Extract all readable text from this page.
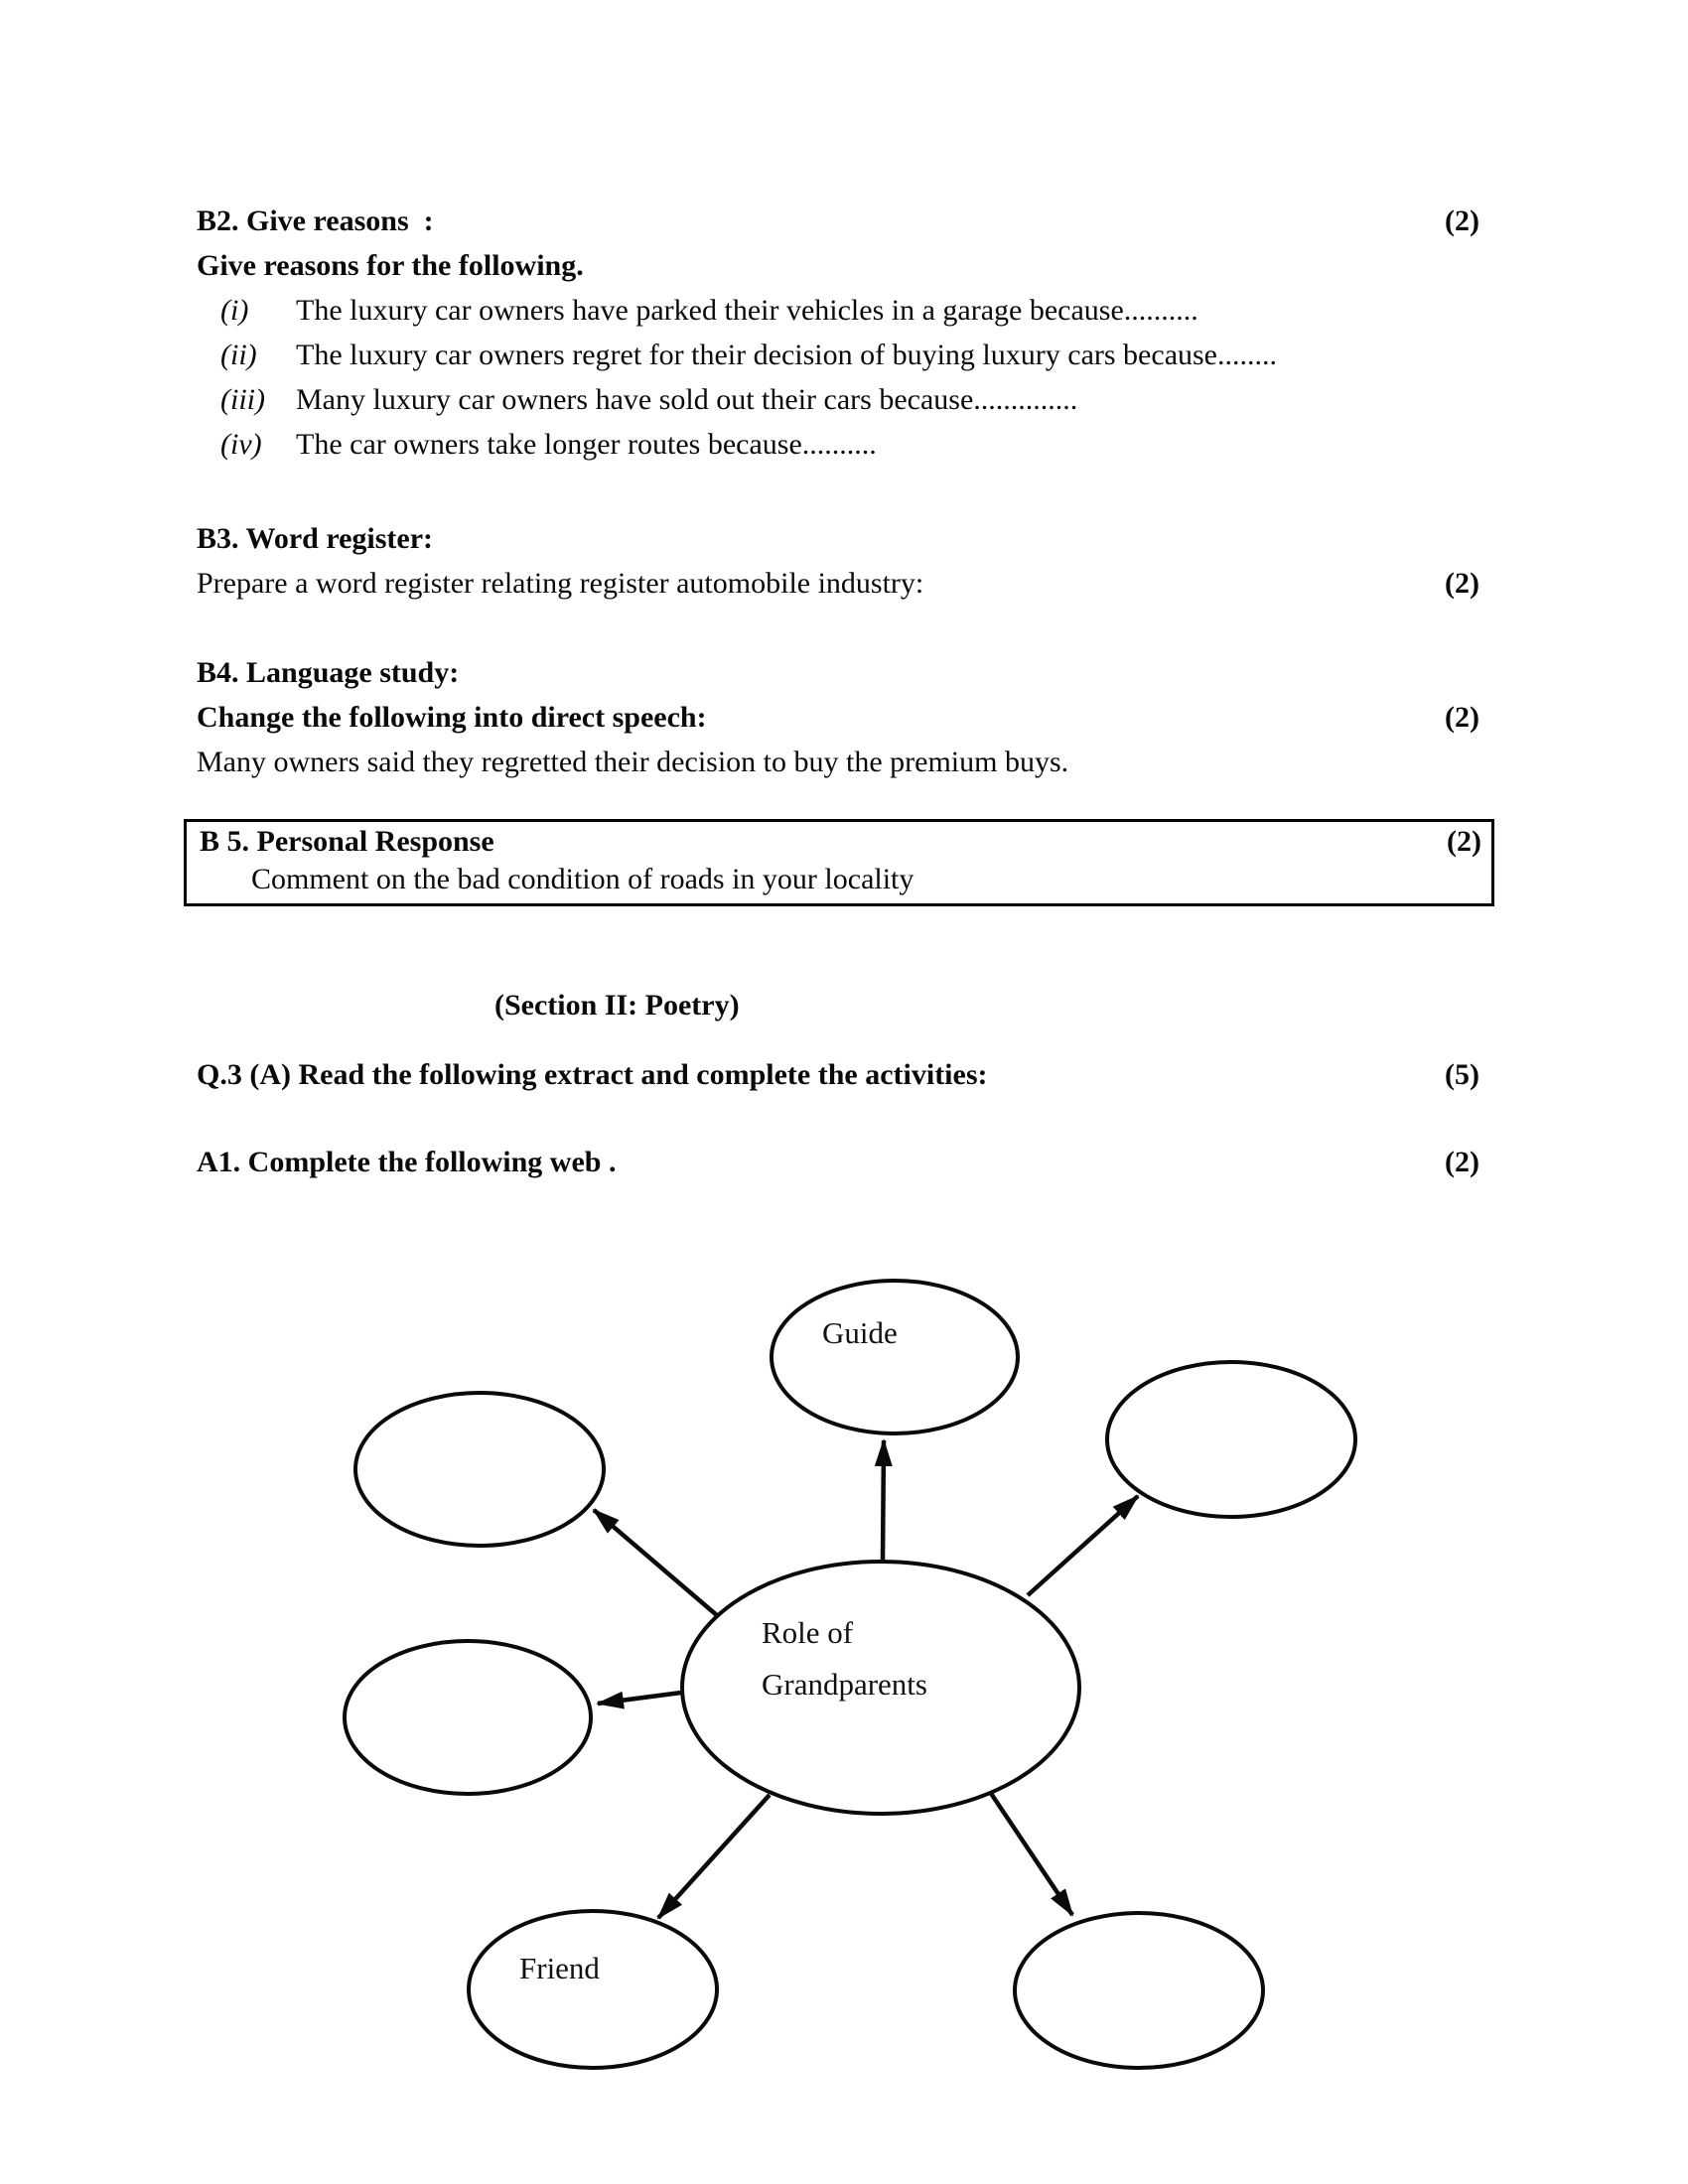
B2. Give reasons  :	(2)
Give reasons for the following.
(i)	The luxury car owners have parked their vehicles in a garage because..........
(ii)	The luxury car owners regret for their decision of buying luxury cars because........
(iii)	Many luxury car owners have sold out their cars because..............
(iv)	The car owners take longer routes because..........
B3. Word register:
Prepare a word register relating register automobile industry:	(2)
B4. Language study:
Change the following into direct speech:	(2)
Many owners said they regretted their decision to buy the premium buys.
B 5. Personal Response	(2)
Comment on the bad condition of roads in your locality
(Section II: Poetry)
Q.3 (A) Read the following extract and complete the activities:	(5)
A1. Complete the following web .	(2)
Guide
Role of
Grandparents
Friend
